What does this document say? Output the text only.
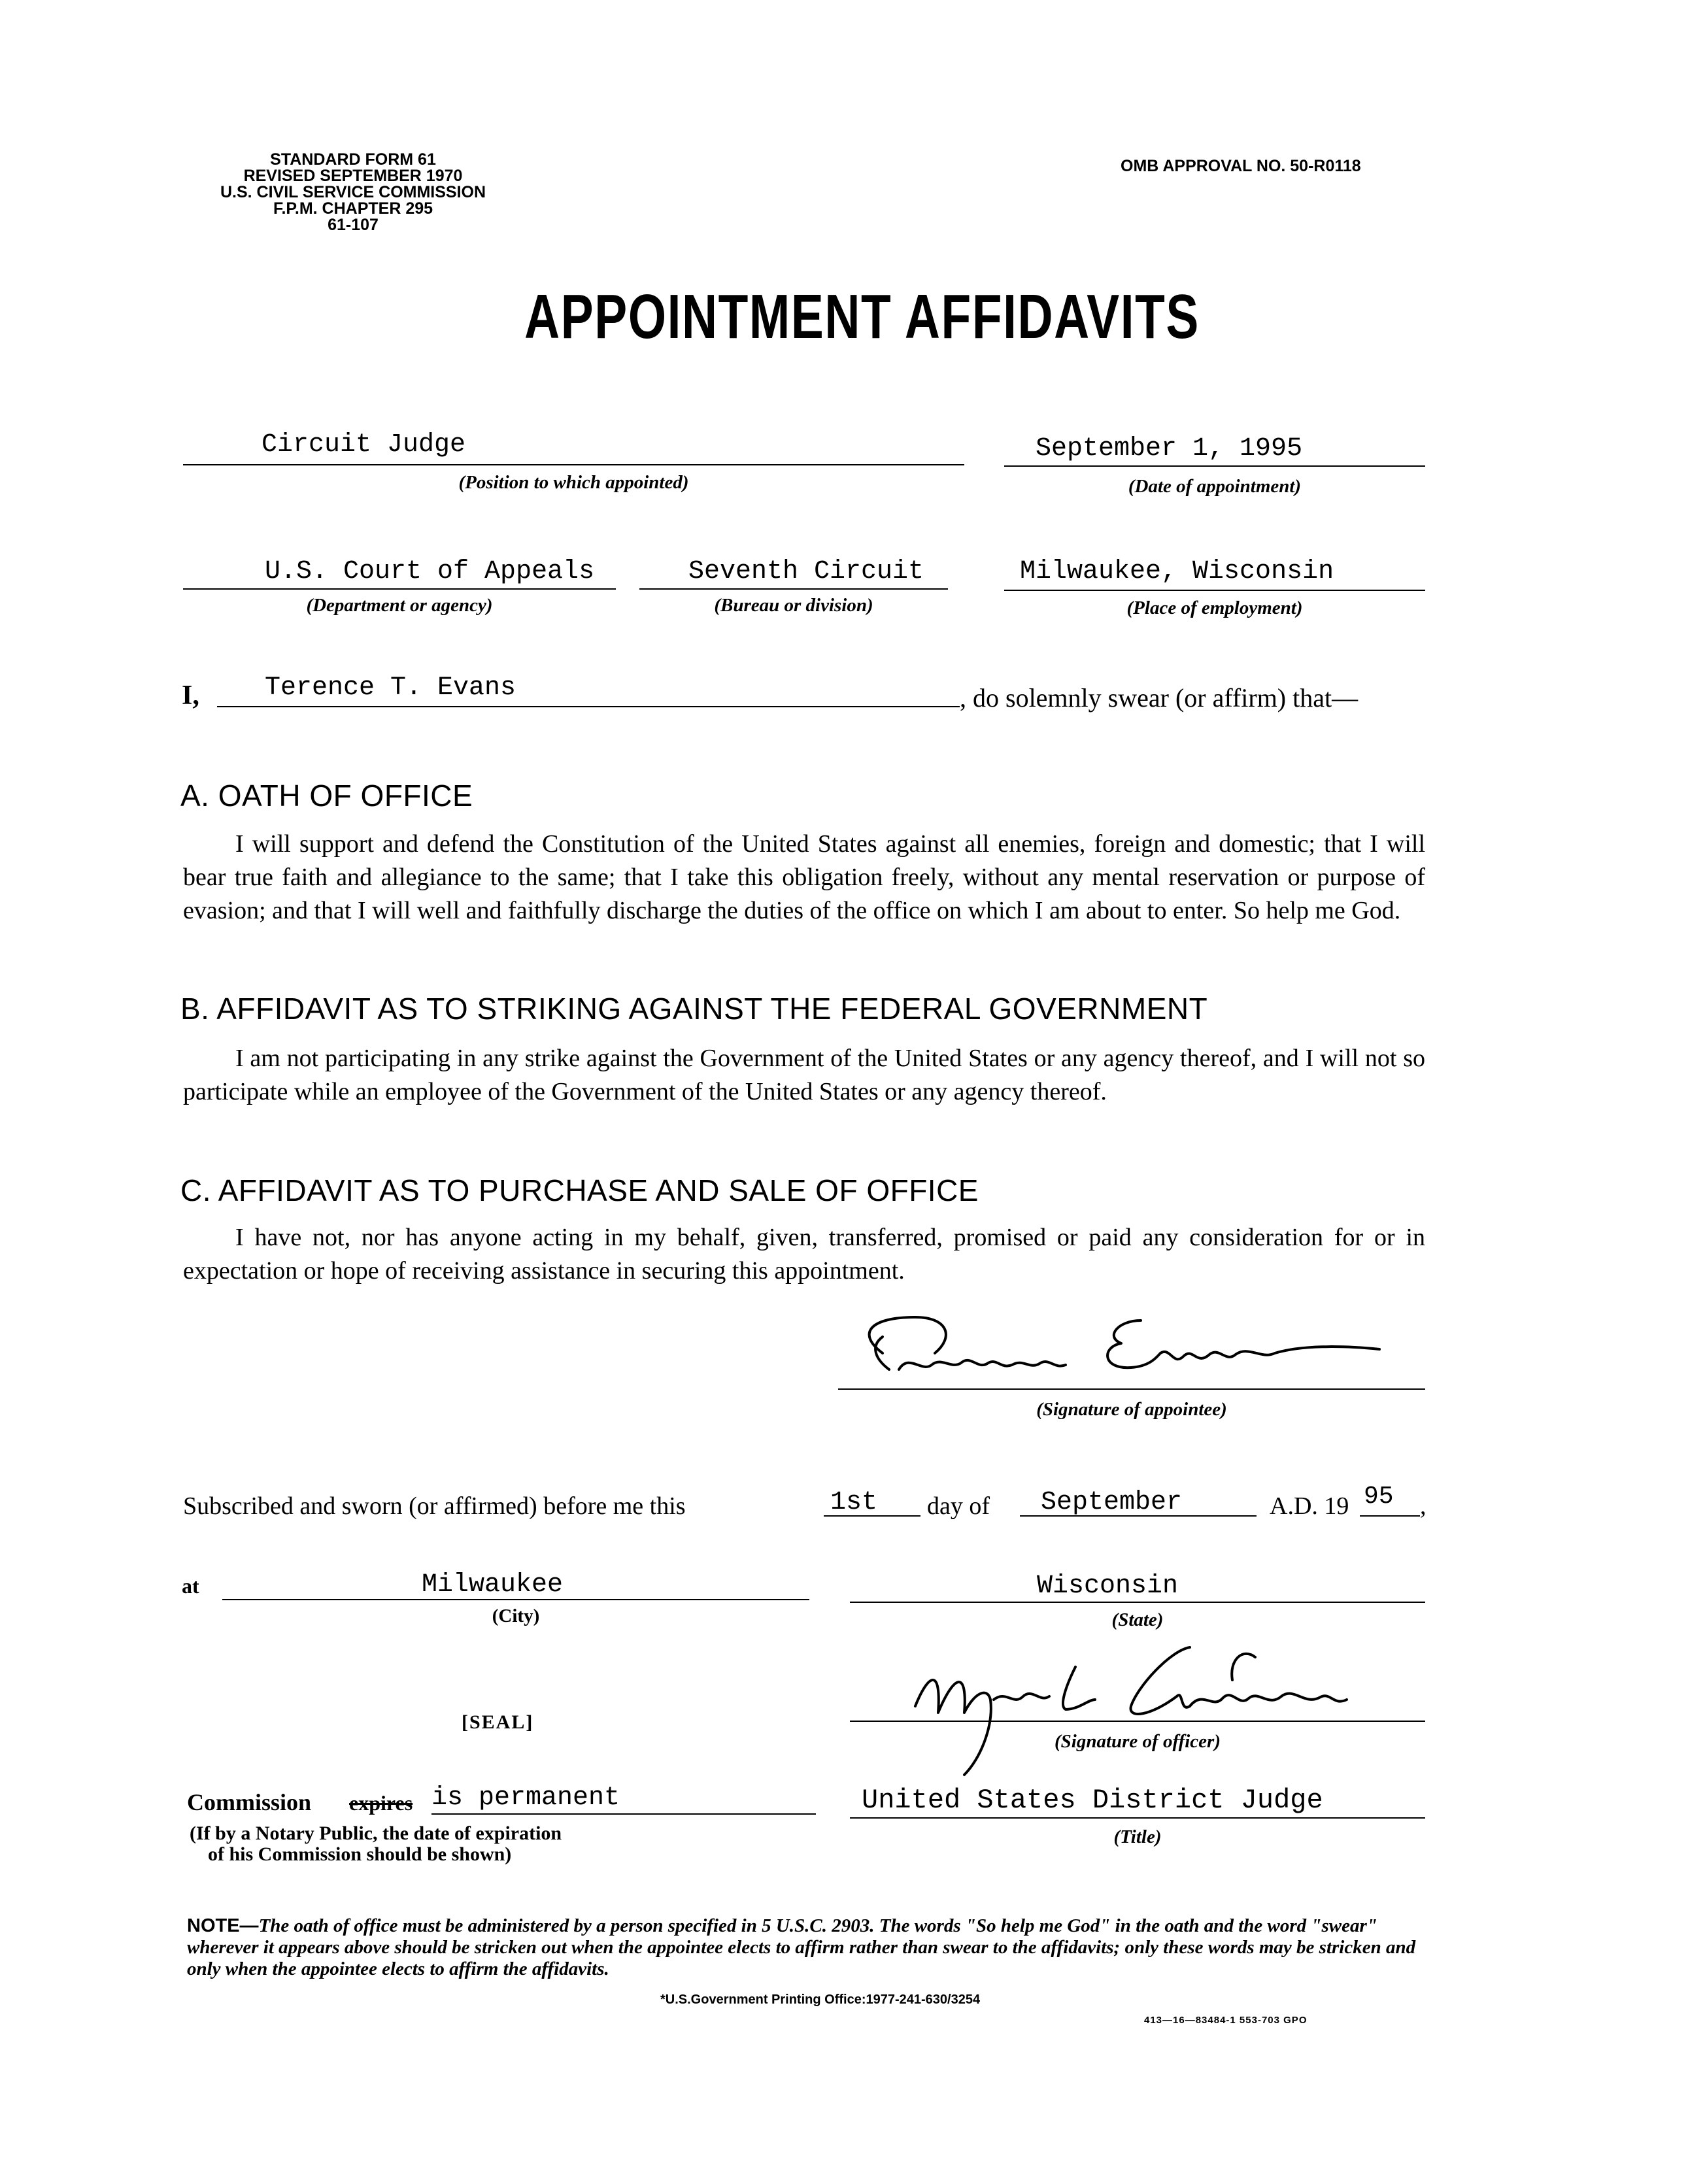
STANDARD FORM 61
REVISED SEPTEMBER 1970
U.S. CIVIL SERVICE COMMISSION
F.P.M. CHAPTER 295
61-107
OMB APPROVAL NO. 50-R0118
APPOINTMENT AFFIDAVITS
Circuit Judge
(Position to which appointed)
September 1, 1995
(Date of appointment)
U.S. Court of Appeals
(Department or agency)
Seventh Circuit
(Bureau or division)
Milwaukee, Wisconsin
(Place of employment)
I,	Terence T. Evans	, do solemnly swear (or affirm) that—
A. OATH OF OFFICE
I will support and defend the Constitution of the United States against all enemies, foreign and domestic; that I will bear true faith and allegiance to the same; that I take this obligation freely, without any mental reservation or purpose of evasion; and that I will well and faithfully discharge the duties of the office on which I am about to enter. So help me God.
B. AFFIDAVIT AS TO STRIKING AGAINST THE FEDERAL GOVERNMENT
I am not participating in any strike against the Government of the United States or any agency thereof, and I will not so participate while an employee of the Government of the United States or any agency thereof.
C. AFFIDAVIT AS TO PURCHASE AND SALE OF OFFICE
I have not, nor has anyone acting in my behalf, given, transferred, promised or paid any consideration for or in expectation or hope of receiving assistance in securing this appointment.
(Signature of appointee)
Subscribed and sworn (or affirmed) before me this	1st day of September	A.D. 19 95 ,
at	Milwaukee
(City)
Wisconsin
(State)
[SEAL]
(Signature of officer)
Commission expires is permanent
(If by a Notary Public, the date of expiration
of his Commission should be shown)
United States District Judge
(Title)
NOTE—The oath of office must be administered by a person specified in 5 U.S.C. 2903. The words "So help me God" in the oath and the word "swear" wherever it appears above should be stricken out when the appointee elects to affirm rather than swear to the affidavits; only these words may be stricken and only when the appointee elects to affirm the affidavits.
*U.S.Government Printing Office:1977-241-630/3254
413—16—83484-1 553-703 GPO
